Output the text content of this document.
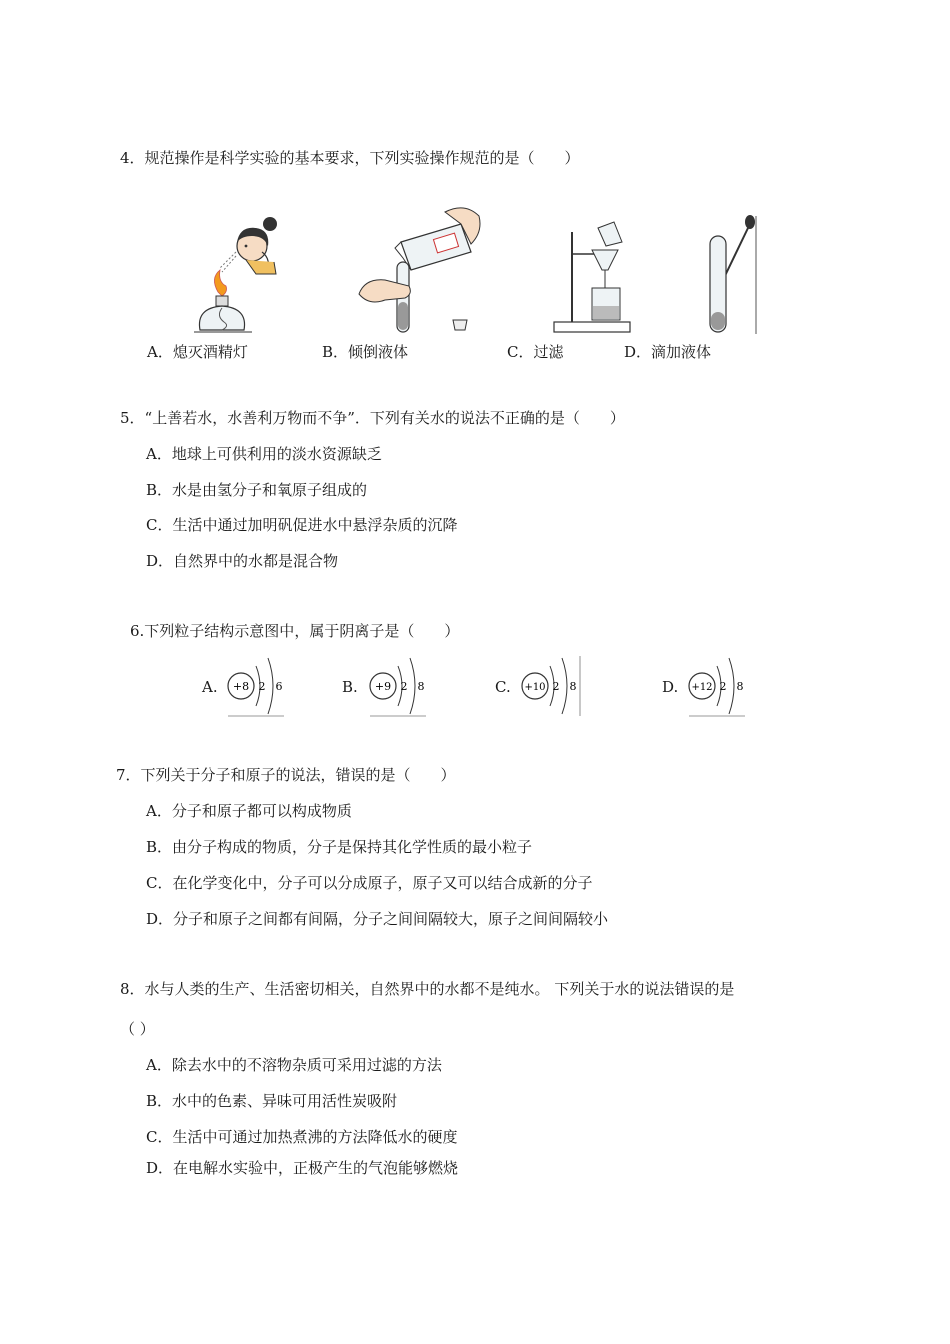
4．规范操作是科学实验的基本要求，下列实验操作规范的是（　　）
A．熄灭酒精灯	B．倾倒液体	C．过滤	D．滴加液体
5．“上善若水，水善利万物而不争”．下列有关水的说法不正确的是（　　）
A．地球上可供利用的淡水资源缺乏
B．水是由氢分子和氧原子组成的
C．生活中通过加明矾促进水中悬浮杂质的沉降
D．自然界中的水都是混合物
6.下列粒子结构示意图中，属于阴离子是（　　）
A. +8 2 6	B. +9 2 8	C. +10 2 8	D. +12 2 8
7．下列关于分子和原子的说法，错误的是（　　）
A．分子和原子都可以构成物质
B．由分子构成的物质，分子是保持其化学性质的最小粒子
C．在化学变化中，分子可以分成原子，原子又可以结合成新的分子
D．分子和原子之间都有间隔，分子之间间隔较大，原子之间间隔较小
8．水与人类的生产、生活密切相关，自然界中的水都不是纯水。 下列关于水的说法错误的是
（ ）
A．除去水中的不溶物杂质可采用过滤的方法
B．水中的色素、异味可用活性炭吸附
C．生活中可通过加热煮沸的方法降低水的硬度
D．在电解水实验中，正极产生的气泡能够燃烧
